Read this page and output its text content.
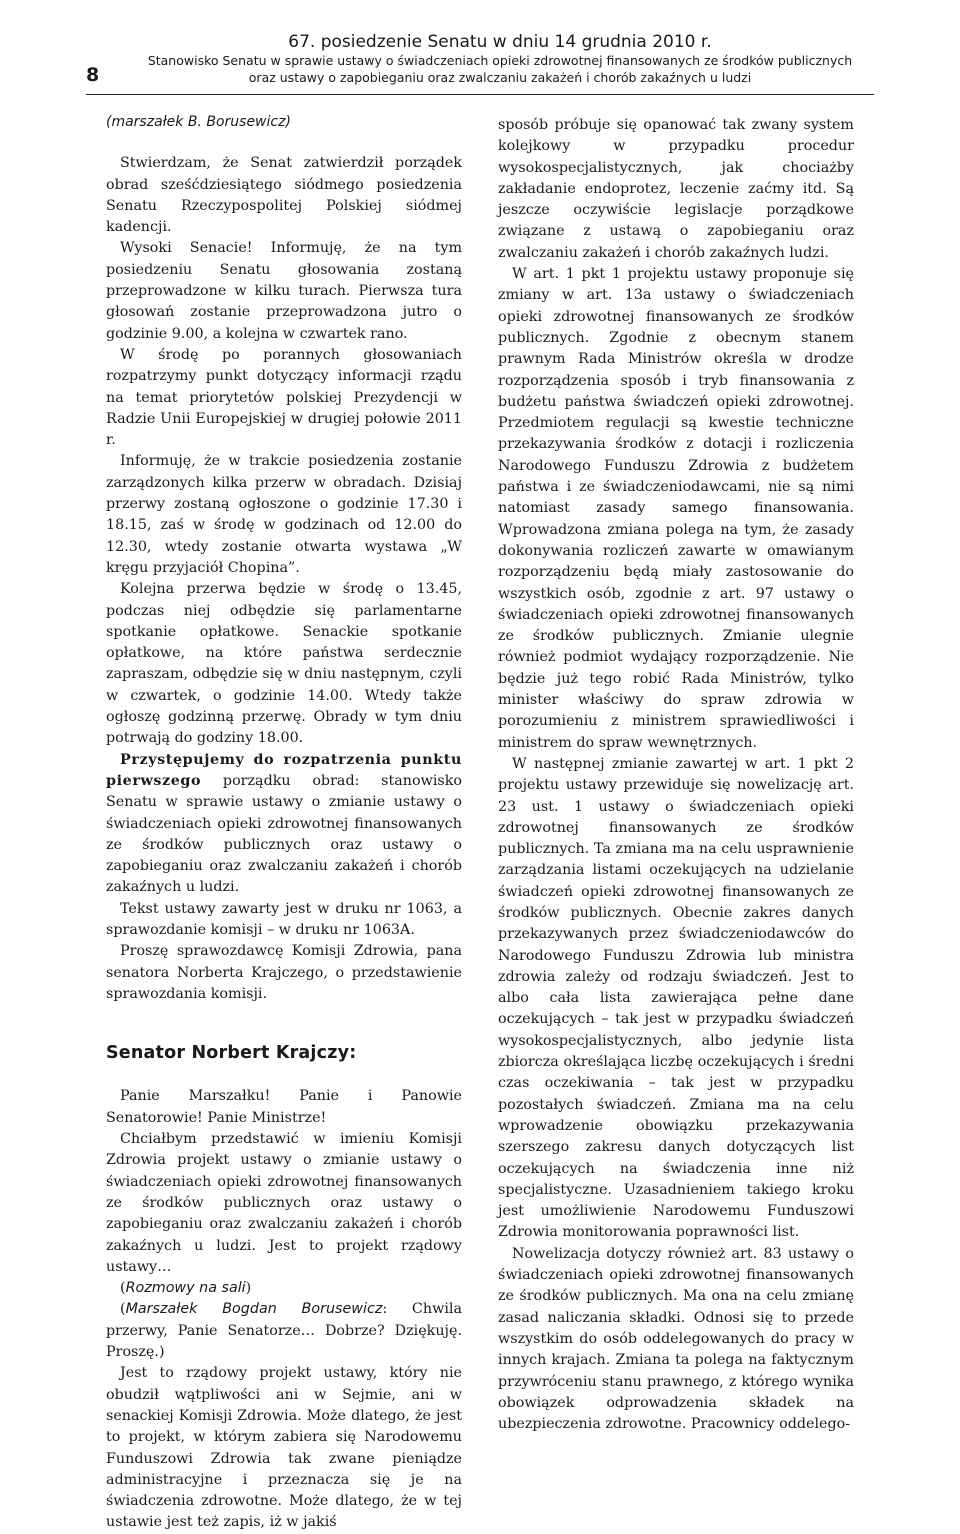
8

67. posiedzenie Senatu w dniu 14 grudnia 2010 r.

Stanowisko Senatu w sprawie ustawy o świadczeniach opieki zdrowotnej finansowanych ze środków publicznych

oraz ustawy o zapobieganiu oraz zwalczaniu zakażeń i chorób zakaźnych u ludzi

(marszałek B. Borusewicz)

Stwierdzam, że Senat zatwierdził porządek obrad sześćdziesiątego siódmego posiedzenia Senatu Rzeczypospolitej Polskiej siódmej kadencji.

Wysoki Senacie! Informuję, że na tym posiedzeniu Senatu głosowania zostaną przeprowadzone w kilku turach. Pierwsza tura głosowań zostanie przeprowadzona jutro o godzinie 9.00, a kolejna w czwartek rano.

W środę po porannych głosowaniach rozpatrzymy punkt dotyczący informacji rządu na temat priorytetów polskiej Prezydencji w Radzie Unii Europejskiej w drugiej połowie 2011 r.

Informuję, że w trakcie posiedzenia zostanie zarządzonych kilka przerw w obradach. Dzisiaj przerwy zostaną ogłoszone o godzinie 17.30 i 18.15, zaś w środę w godzinach od 12.00 do 12.30, wtedy zostanie otwarta wystawa „W kręgu przyjaciół Chopina”.

Kolejna przerwa będzie w środę o 13.45, podczas niej odbędzie się parlamentarne spotkanie opłatkowe. Senackie spotkanie opłatkowe, na które państwa serdecznie zapraszam, odbędzie się w dniu następnym, czyli w czwartek, o godzinie 14.00. Wtedy także ogłoszę godzinną przerwę. Obrady w tym dniu potrwają do godziny 18.00.

Przystępujemy do rozpatrzenia punktu pierwszego porządku obrad: stanowisko Senatu w sprawie ustawy o zmianie ustawy o świadczeniach opieki zdrowotnej finansowanych ze środków publicznych oraz ustawy o zapobieganiu oraz zwalczaniu zakażeń i chorób zakaźnych u ludzi.

Tekst ustawy zawarty jest w druku nr 1063, a sprawozdanie komisji – w druku nr 1063A.

Proszę sprawozdawcę Komisji Zdrowia, pana senatora Norberta Krajczego, o przedstawienie sprawozdania komisji.

Senator Norbert Krajczy:

Panie Marszałku! Panie i Panowie Senatorowie! Panie Ministrze!

Chciałbym przedstawić w imieniu Komisji Zdrowia projekt ustawy o zmianie ustawy o świadczeniach opieki zdrowotnej finansowanych ze środków publicznych oraz ustawy o zapobieganiu oraz zwalczaniu zakażeń i chorób zakaźnych u ludzi. Jest to projekt rządowy ustawy…

(Rozmowy na sali)

(Marszałek Bogdan Borusewicz: Chwila przerwy, Panie Senatorze… Dobrze? Dziękuję. Proszę.)

Jest to rządowy projekt ustawy, który nie obudził wątpliwości ani w Sejmie, ani w senackiej Komisji Zdrowia. Może dlatego, że jest to projekt, w którym zabiera się Narodowemu Funduszowi Zdrowia tak zwane pieniądze administracyjne i przeznacza się je na świadczenia zdrowotne. Może dlatego, że w tej ustawie jest też zapis, iż w jakiś

sposób próbuje się opanować tak zwany system kolejkowy w przypadku procedur wysokospecjalistycznych, jak chociażby zakładanie endoprotez, leczenie zaćmy itd. Są jeszcze oczywiście legislacje porządkowe związane z ustawą o zapobieganiu oraz zwalczaniu zakażeń i chorób zakaźnych ludzi.

W art. 1 pkt 1 projektu ustawy proponuje się zmiany w art. 13a ustawy o świadczeniach opieki zdrowotnej finansowanych ze środków publicznych. Zgodnie z obecnym stanem prawnym Rada Ministrów określa w drodze rozporządzenia sposób i tryb finansowania z budżetu państwa świadczeń opieki zdrowotnej. Przedmiotem regulacji są kwestie techniczne przekazywania środków z dotacji i rozliczenia Narodowego Funduszu Zdrowia z budżetem państwa i ze świadczeniodawcami, nie są nimi natomiast zasady samego finansowania. Wprowadzona zmiana polega na tym, że zasady dokonywania rozliczeń zawarte w omawianym rozporządzeniu będą miały zastosowanie do wszystkich osób, zgodnie z art. 97 ustawy o świadczeniach opieki zdrowotnej finansowanych ze środków publicznych. Zmianie ulegnie również podmiot wydający rozporządzenie. Nie będzie już tego robić Rada Ministrów, tylko minister właściwy do spraw zdrowia w porozumieniu z ministrem sprawiedliwości i ministrem do spraw wewnętrznych.

W następnej zmianie zawartej w art. 1 pkt 2 projektu ustawy przewiduje się nowelizację art. 23 ust. 1 ustawy o świadczeniach opieki zdrowotnej finansowanych ze środków publicznych. Ta zmiana ma na celu usprawnienie zarządzania listami oczekujących na udzielanie świadczeń opieki zdrowotnej finansowanych ze środków publicznych. Obecnie zakres danych przekazywanych przez świadczeniodawców do Narodowego Funduszu Zdrowia lub ministra zdrowia zależy od rodzaju świadczeń. Jest to albo cała lista zawierająca pełne dane oczekujących – tak jest w przypadku świadczeń wysokospecjalistycznych, albo jedynie lista zbiorcza określająca liczbę oczekujących i średni czas oczekiwania – tak jest w przypadku pozostałych świadczeń. Zmiana ma na celu wprowadzenie obowiązku przekazywania szerszego zakresu danych dotyczących list oczekujących na świadczenia inne niż specjalistyczne. Uzasadnieniem takiego kroku jest umożliwienie Narodowemu Funduszowi Zdrowia monitorowania poprawności list.

Nowelizacja dotyczy również art. 83 ustawy o świadczeniach opieki zdrowotnej finansowanych ze środków publicznych. Ma ona na celu zmianę zasad naliczania składki. Odnosi się to przede wszystkim do osób oddelegowanych do pracy w innych krajach. Zmiana ta polega na faktycznym przywróceniu stanu prawnego, z którego wynika obowiązek odprowadzenia składek na ubezpieczenia zdrowotne. Pracownicy oddelego-
